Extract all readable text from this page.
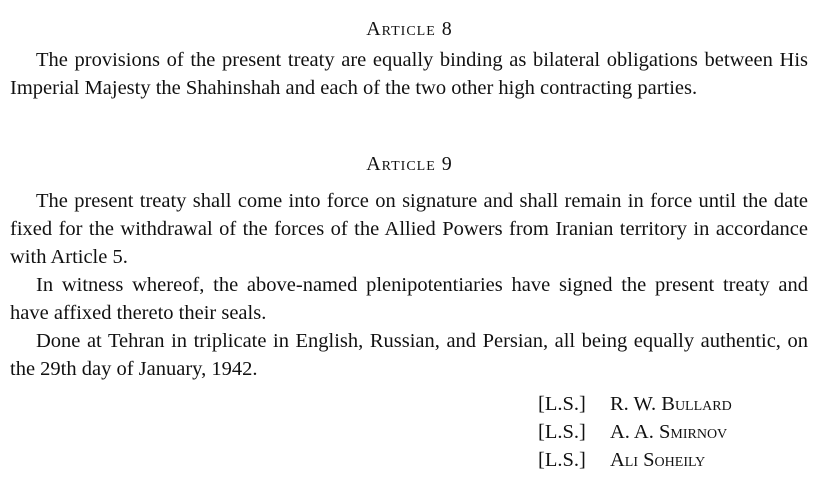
Article 8

The provisions of the present treaty are equally binding as bilateral obligations between His Imperial Majesty the Shahinshah and each of the two other high contracting parties.

Article 9

The present treaty shall come into force on signature and shall remain in force until the date fixed for the withdrawal of the forces of the Allied Powers from Iranian territory in accordance with Article 5.

In witness whereof, the above-named plenipotentiaries have signed the present treaty and have affixed thereto their seals.

Done at Tehran in triplicate in English, Russian, and Persian, all being equally authentic, on the 29th day of January, 1942.

[L.S.]	R. W. Bullard
[L.S.]	A. A. Smirnov
[L.S.]	Ali Soheily
